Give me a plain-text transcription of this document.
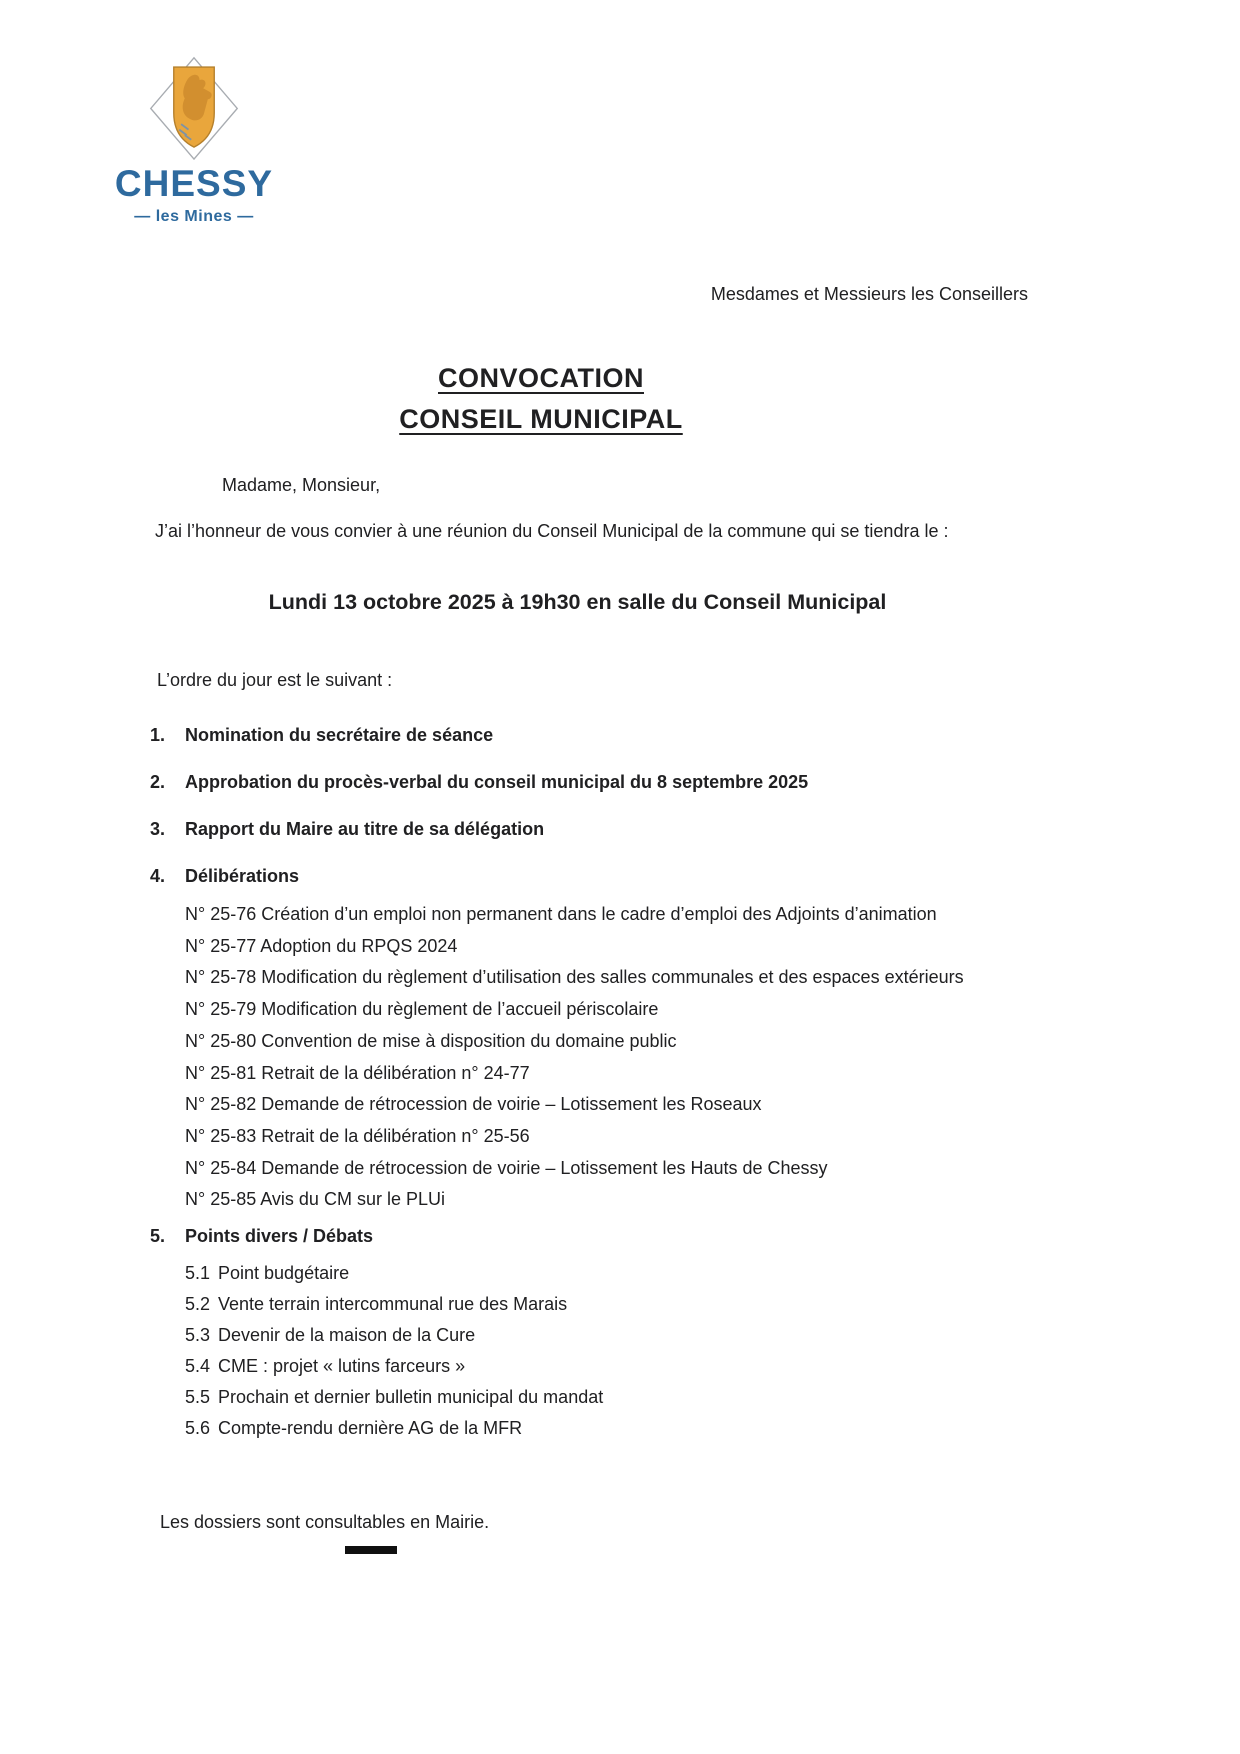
CHESSY
— les Mines —
Mesdames et Messieurs les Conseillers
CONVOCATION
CONSEIL MUNICIPAL
Madame, Monsieur,
J’ai l’honneur de vous convier à une réunion du Conseil Municipal de la commune qui se tiendra le :
Lundi 13 octobre 2025 à 19h30 en salle du Conseil Municipal
L’ordre du jour est le suivant :
1.	Nomination du secrétaire de séance
2.	Approbation du procès-verbal du conseil municipal du 8 septembre 2025
3.	Rapport du Maire au titre de sa délégation
4.	Délibérations
N° 25-76 Création d’un emploi non permanent dans le cadre d’emploi des Adjoints d’animation
N° 25-77 Adoption du RPQS 2024
N° 25-78 Modification du règlement d’utilisation des salles communales et des espaces extérieurs
N° 25-79 Modification du règlement de l’accueil périscolaire
N° 25-80 Convention de mise à disposition du domaine public
N° 25-81 Retrait de la délibération n° 24-77
N° 25-82 Demande de rétrocession de voirie – Lotissement les Roseaux
N° 25-83 Retrait de la délibération n° 25-56
N° 25-84 Demande de rétrocession de voirie – Lotissement les Hauts de Chessy
N° 25-85 Avis du CM sur le PLUi
5.	Points divers / Débats
5.1 Point budgétaire
5.2 Vente terrain intercommunal rue des Marais
5.3 Devenir de la maison de la Cure
5.4 CME : projet « lutins farceurs »
5.5 Prochain et dernier bulletin municipal du mandat
5.6 Compte-rendu dernière AG de la MFR
Les dossiers sont consultables en Mairie.
